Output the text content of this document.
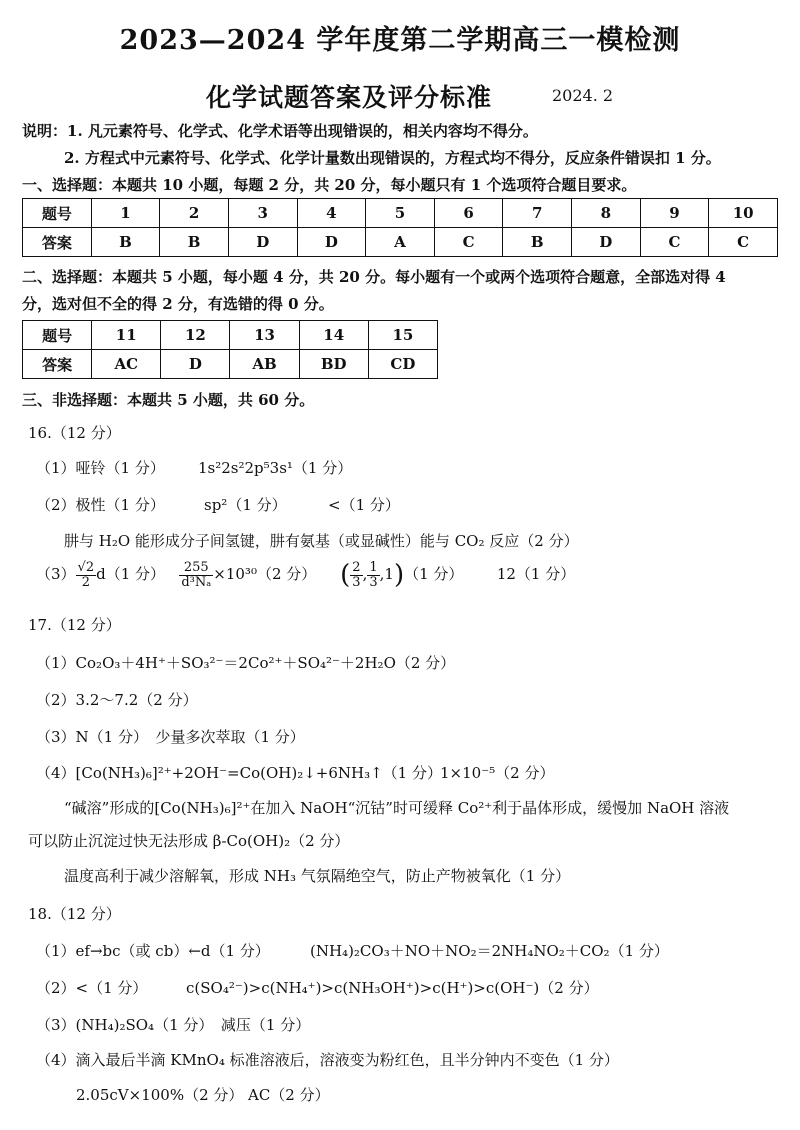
2023—2024 学年度第二学期高三一模检测
化学试题答案及评分标准	2024. 2
说明：1. 凡元素符号、化学式、化学术语等出现错误的，相关内容均不得分。
2. 方程式中元素符号、化学式、化学计量数出现错误的，方程式均不得分，反应条件错误扣 1 分。
一、选择题：本题共 10 小题，每题 2 分，共 20 分，每小题只有 1 个选项符合题目要求。
题号	1	2	3	4	5	6	7	8	9	10
答案	B	B	D	D	A	C	B	D	C	C
二、选择题：本题共 5 小题，每小题 4 分，共 20 分。每小题有一个或两个选项符合题意，全部选对得 4
分，选对但不全的得 2 分，有选错的得 0 分。
题号	11	12	13	14	15
答案	AC	D	AB	BD	CD
三、非选择题：本题共 5 小题，共 60 分。
16.（12 分）
（1）哑铃（1 分） 1s²2s²2p⁵3s¹（1 分）
（2）极性（1 分）	sp²（1 分）	<（1 分）
肼与 H₂O 能形成分子间氢键，肼有氨基（或显碱性）能与 CO₂ 反应（2 分）
$(3) \frac{√2}{2} d(1$ 分） $\frac{255}{\text{d³Nₐ}} \times 10^{30}(2$ 分） ( $\frac{2}{3}$ , $\frac{1}{3} ,1)(1$ 分） 12（1 分）
17.（12 分）
（1）Co₂O₃＋4H⁺＋SO₃²⁻＝2Co²⁺＋SO₄²⁻＋2H₂O（2 分）
（2）3.2～7.2（2 分）
（3）N（1 分）　少量多次萃取（1 分）
（4）[Co(NH₃)₆]²⁺+2OH⁻=Co(OH)₂↓+6NH₃↑（1 分）
1×10⁻⁵（2 分）
“碱溶”形成的[Co(NH₃)₆]²⁺在加入 NaOH“沉钴”时可缓释 Co²⁺利于晶体形成，缓慢加 NaOH 溶液
可以防止沉淀过快无法形成 β-Co(OH)₂（2 分）
温度高利于减少溶解氧，形成 NH₃ 气氛隔绝空气，防止产物被氧化（1 分）
18.（12 分）
（1）ef→bc（或 cb）←d（1 分）	(NH₄)₂CO₃＋NO＋NO₂＝2NH₄NO₂＋CO₂（1 分）
（2）<（1 分）	c(SO₄²⁻)>c(NH₄⁺)>c(NH₃OH⁺)>c(H⁺)>c(OH⁻)（2 分）
（3）(NH₄)₂SO₄（1 分）　减压（1 分）
（4）滴入最后半滴 KMnO₄ 标准溶液后，溶液变为粉红色，且半分钟内不变色（1 分）
2.05cV×100%（2 分） AC（2 分）
